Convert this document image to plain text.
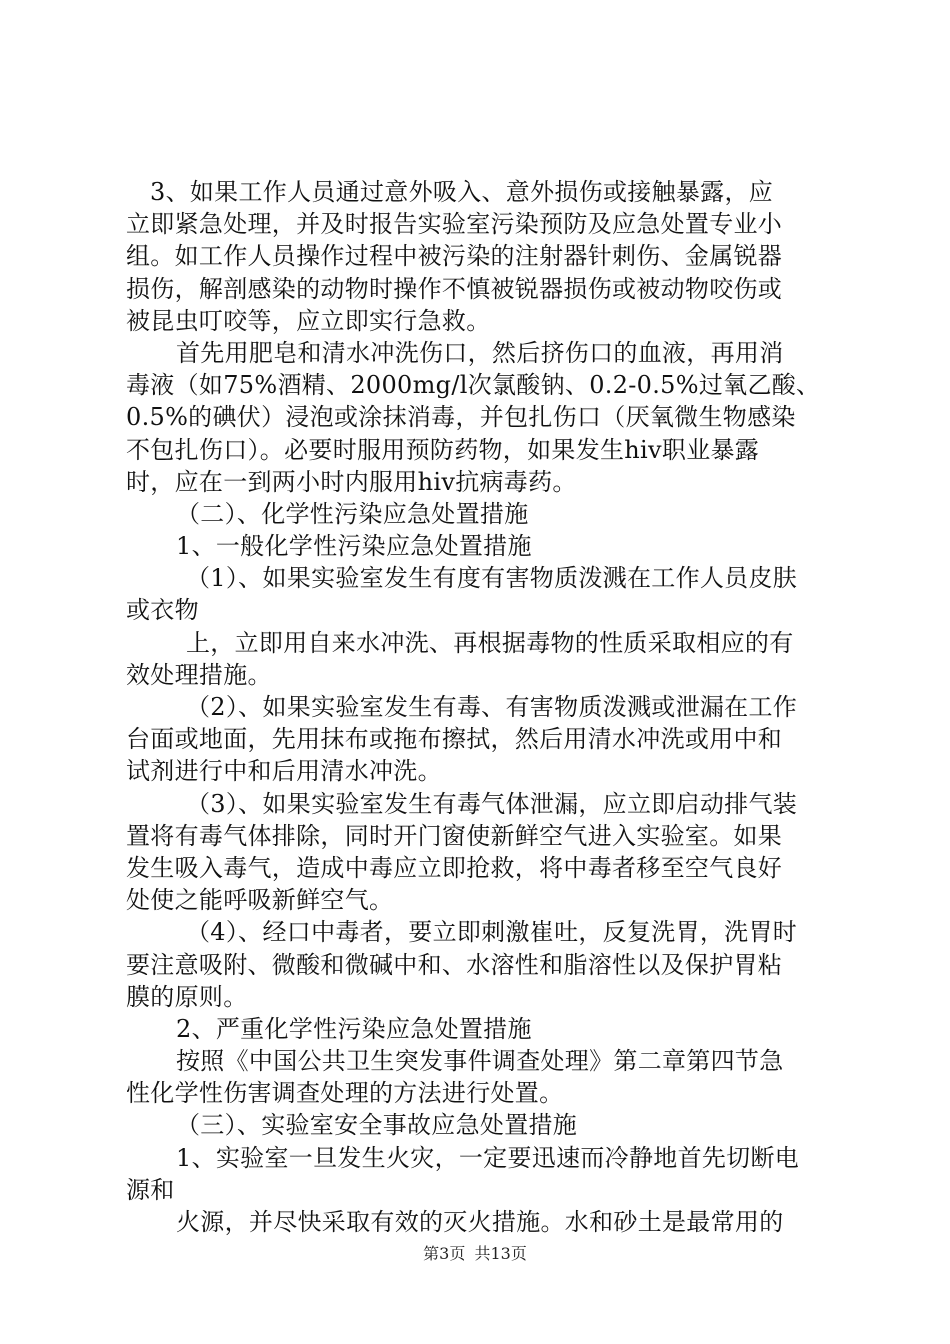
3、如果工作人员通过意外吸入、意外损伤或接触暴露，应
立即紧急处理，并及时报告实验室污染预防及应急处置专业小
组。如工作人员操作过程中被污染的注射器针刺伤、金属锐器
损伤，解剖感染的动物时操作不慎被锐器损伤或被动物咬伤或
被昆虫叮咬等，应立即实行急救。
首先用肥皂和清水冲洗伤口，然后挤伤口的血液，再用消
毒液（如75%酒精、2000mg/l次氯酸钠、0.2-0.5%过氧乙酸、
0.5%的碘伏）浸泡或涂抹消毒，并包扎伤口（厌氧微生物感染
不包扎伤口）。必要时服用预防药物，如果发生hiv职业暴露
时，应在一到两小时内服用hiv抗病毒药。
（二）、化学性污染应急处置措施
1、一般化学性污染应急处置措施
（1）、如果实验室发生有度有害物质泼溅在工作人员皮肤
或衣物
上，立即用自来水冲洗、再根据毒物的性质采取相应的有
效处理措施。
（2）、如果实验室发生有毒、有害物质泼溅或泄漏在工作
台面或地面，先用抹布或拖布擦拭，然后用清水冲洗或用中和
试剂进行中和后用清水冲洗。
（3）、如果实验室发生有毒气体泄漏，应立即启动排气装
置将有毒气体排除，同时开门窗使新鲜空气进入实验室。如果
发生吸入毒气，造成中毒应立即抢救，将中毒者移至空气良好
处使之能呼吸新鲜空气。
（4）、经口中毒者，要立即刺激崔吐，反复洗胃，洗胃时
要注意吸附、微酸和微碱中和、水溶性和脂溶性以及保护胃粘
膜的原则。
2、严重化学性污染应急处置措施
按照《中国公共卫生突发事件调查处理》第二章第四节急
性化学性伤害调查处理的方法进行处置。
（三）、实验室安全事故应急处置措施
1、实验室一旦发生火灾，一定要迅速而冷静地首先切断电
源和
火源，并尽快采取有效的灭火措施。水和砂土是最常用的
第3页 共13页
